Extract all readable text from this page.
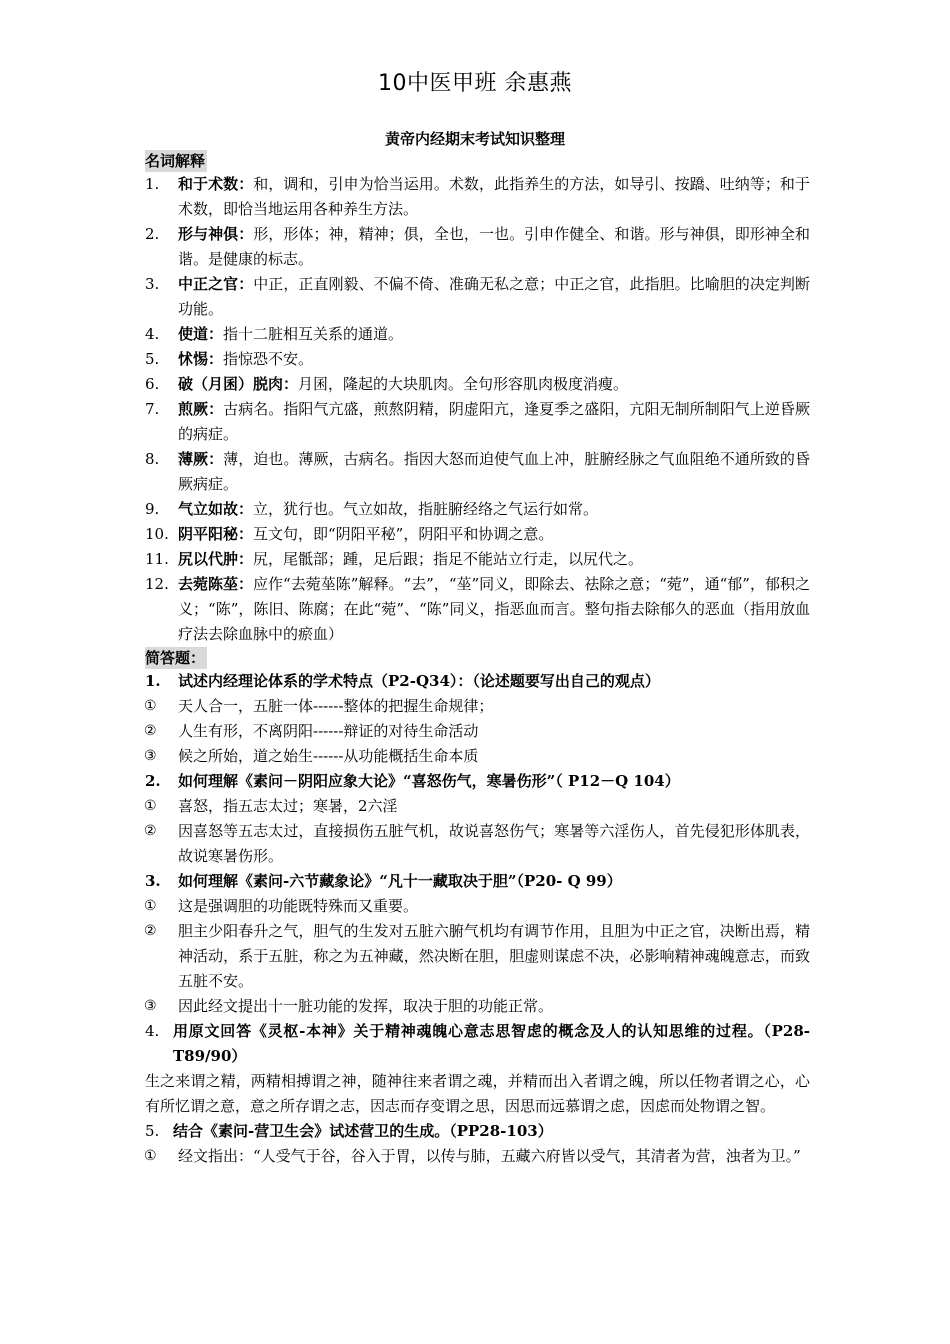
10中医甲班 余惠燕
黄帝内经期末考试知识整理
名词解释
1. 和于术数：和，调和，引申为恰当运用。术数，此指养生的方法，如导引、按蹻、吐纳等；和于术数，即恰当地运用各种养生方法。
2. 形与神俱：形，形体；神，精神；俱，全也，一也。引申作健全、和谐。形与神俱，即形神全和谐。是健康的标志。
3. 中正之官：中正，正直刚毅、不偏不倚、准确无私之意；中正之官，此指胆。比喻胆的决定判断功能。
4. 使道：指十二脏相互关系的通道。
5. 怵惕：指惊恐不安。
6. 破（月囷）脱肉：月囷，隆起的大块肌肉。全句形容肌肉极度消瘦。
7. 煎厥：古病名。指阳气亢盛，煎熬阴精，阴虚阳亢，逢夏季之盛阳，亢阳无制所制阳气上逆昏厥的病症。
8. 薄厥：薄，迫也。薄厥，古病名。指因大怒而迫使气血上冲，脏腑经脉之气血阻绝不通所致的昏厥病症。
9. 气立如故：立，犹行也。气立如故，指脏腑经络之气运行如常。
10. 阴平阳秘：互文句，即“阴阳平秘”，阴阳平和协调之意。
11. 尻以代肿：尻，尾骶部；踵，足后跟；指足不能站立行走，以尻代之。
12. 去菀陈莝：应作“去菀莝陈”解释。“去”，“莝”同义，即除去、祛除之意；“菀”，通“郁”，郁积之义；“陈”，陈旧、陈腐；在此“菀”、“陈”同义，指恶血而言。整句指去除郁久的恶血（指用放血疗法去除血脉中的瘀血）
简答题：
1. 试述内经理论体系的学术特点（P2-Q34）：（论述题要写出自己的观点）
① 天人合一，五脏一体------整体的把握生命规律；
② 人生有形，不离阴阳------辩证的对待生命活动
③ 候之所始，道之始生------从功能概括生命本质
2. 如何理解《素问－阴阳应象大论》“喜怒伤气，寒暑伤形”（ P12－Q 104）
① 喜怒，指五志太过；寒暑，2六淫
② 因喜怒等五志太过，直接损伤五脏气机，故说喜怒伤气；寒暑等六淫伤人，首先侵犯形体肌表，故说寒暑伤形。
3. 如何理解《素问-六节藏象论》“凡十一藏取决于胆”（P20- Q 99）
① 这是强调胆的功能既特殊而又重要。
② 胆主少阳春升之气，胆气的生发对五脏六腑气机均有调节作用，且胆为中正之官，决断出焉，精神活动，系于五脏，称之为五神藏，然决断在胆，胆虚则谋虑不决，必影响精神魂魄意志，而致五脏不安。
③ 因此经文提出十一脏功能的发挥，取决于胆的功能正常。
4. 用原文回答《灵枢-本神》关于精神魂魄心意志思智虑的概念及人的认知思维的过程。（P28-T89/90）
生之来谓之精，两精相搏谓之神，随神往来者谓之魂，并精而出入者谓之魄，所以任物者谓之心，心有所忆谓之意，意之所存谓之志，因志而存变谓之思，因思而远慕谓之虑，因虑而处物谓之智。
5. 结合《素问-营卫生会》试述营卫的生成。（PP28-103）
① 经文指出：“人受气于谷，谷入于胃，以传与肺，五藏六府皆以受气，其清者为营，浊者为卫。”
